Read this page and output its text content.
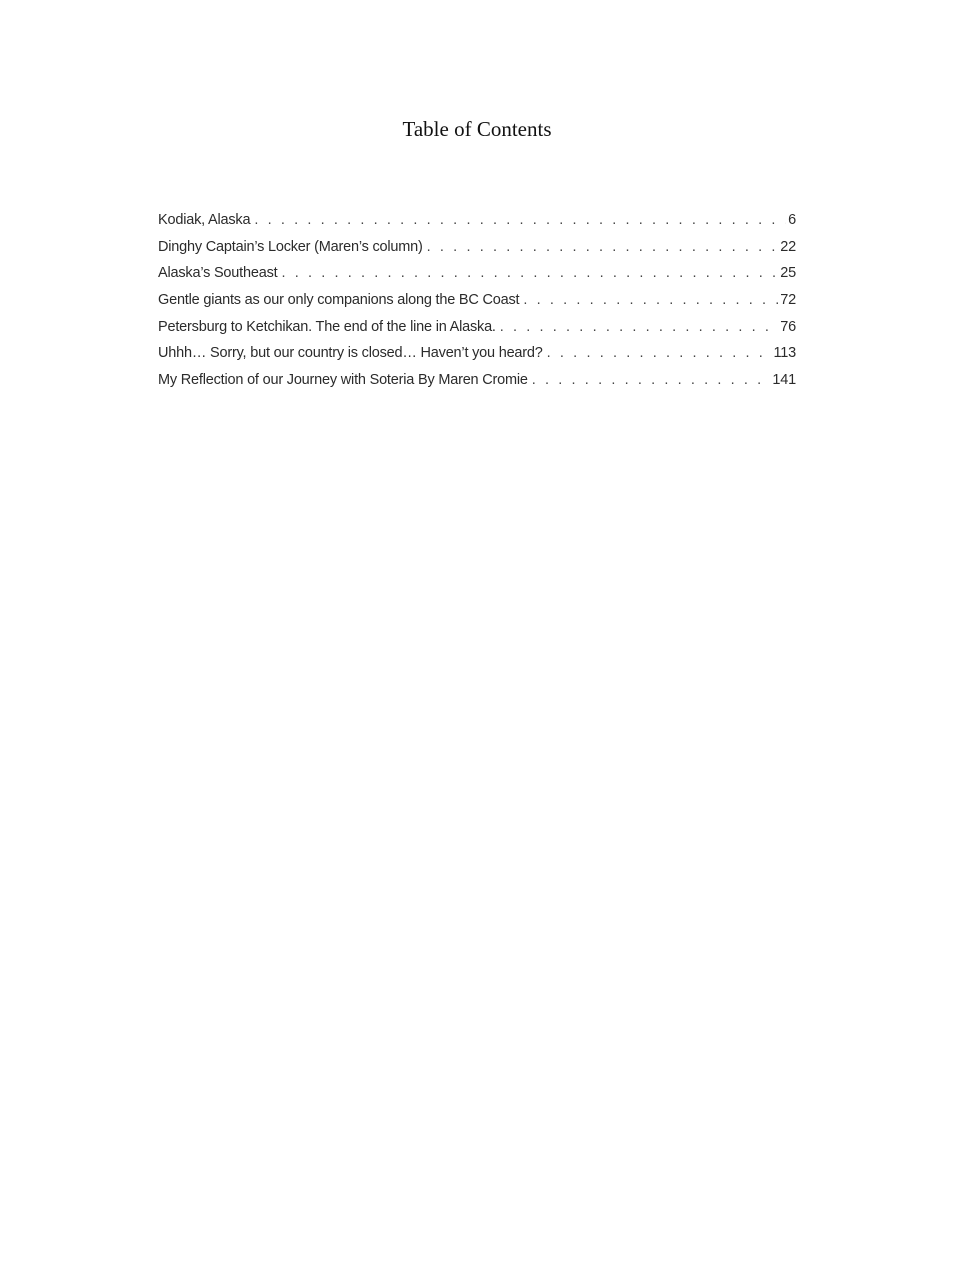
Table of Contents
Kodiak, Alaska . . .	6
Dinghy Captain’s Locker (Maren’s column) . . .	22
Alaska’s Southeast . . .	25
Gentle giants as our only companions along the BC Coast . . .	72
Petersburg to Ketchikan. The end of the line in Alaska. . . .	76
Uhhh… Sorry, but our country is closed… Haven’t you heard? . . .	113
My Reflection of our Journey with Soteria By Maren Cromie . . .	141
